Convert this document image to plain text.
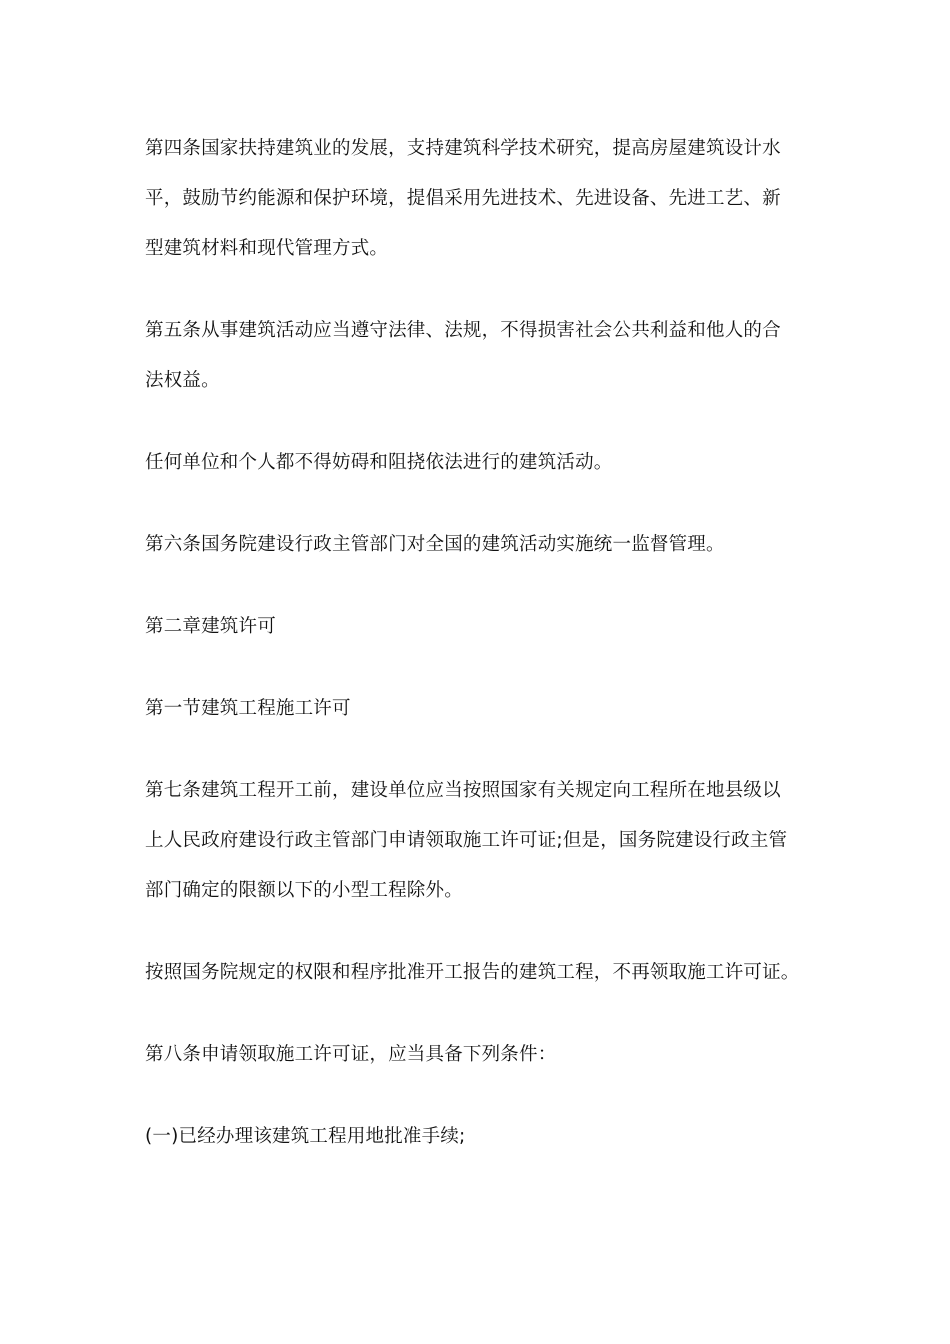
第四条国家扶持建筑业的发展，支持建筑科学技术研究，提高房屋建筑设计水
平，鼓励节约能源和保护环境，提倡采用先进技术、先进设备、先进工艺、新
型建筑材料和现代管理方式。

第五条从事建筑活动应当遵守法律、法规，不得损害社会公共利益和他人的合
法权益。

任何单位和个人都不得妨碍和阻挠依法进行的建筑活动。

第六条国务院建设行政主管部门对全国的建筑活动实施统一监督管理。

第二章建筑许可

第一节建筑工程施工许可

第七条建筑工程开工前，建设单位应当按照国家有关规定向工程所在地县级以
上人民政府建设行政主管部门申请领取施工许可证;但是，国务院建设行政主管
部门确定的限额以下的小型工程除外。

按照国务院规定的权限和程序批准开工报告的建筑工程，不再领取施工许可证。

第八条申请领取施工许可证，应当具备下列条件：

(一)已经办理该建筑工程用地批准手续;
